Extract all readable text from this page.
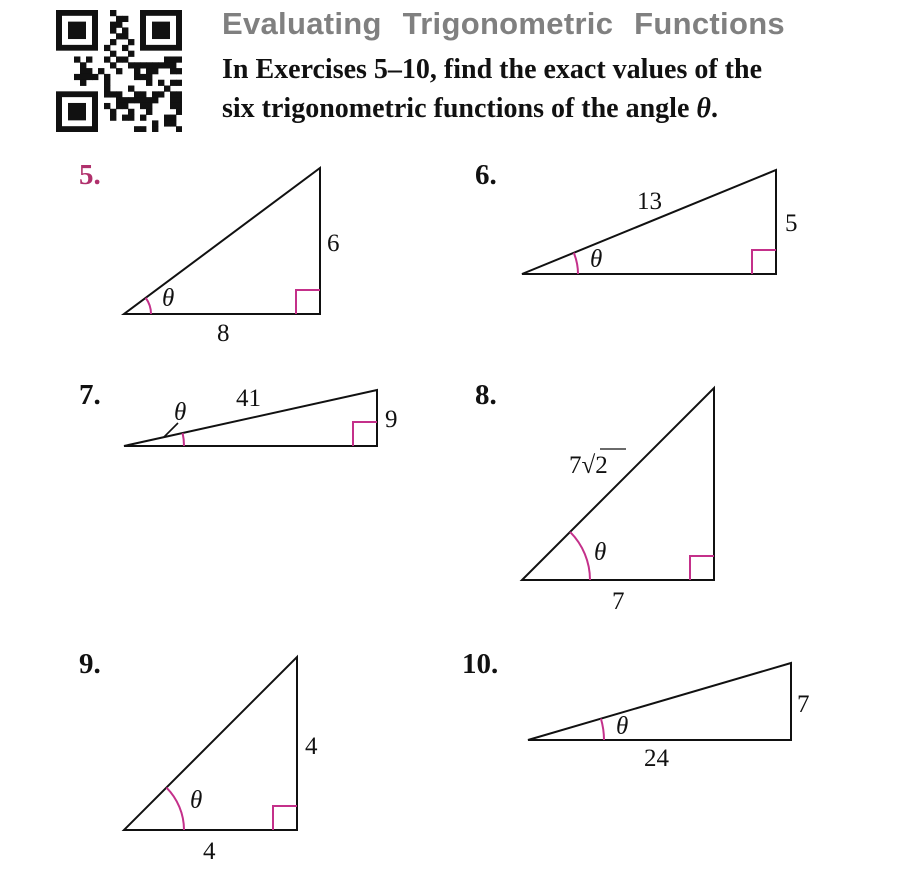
Evaluating Trigonometric Functions
In Exercises 5–10, find the exact values of the
six trigonometric functions of the angle θ.
5.
6
8
θ
6.
13
5
θ
7.	41
9
θ
8.
7√2
7
θ
9.
4
4
θ
10.
7
24
θ
